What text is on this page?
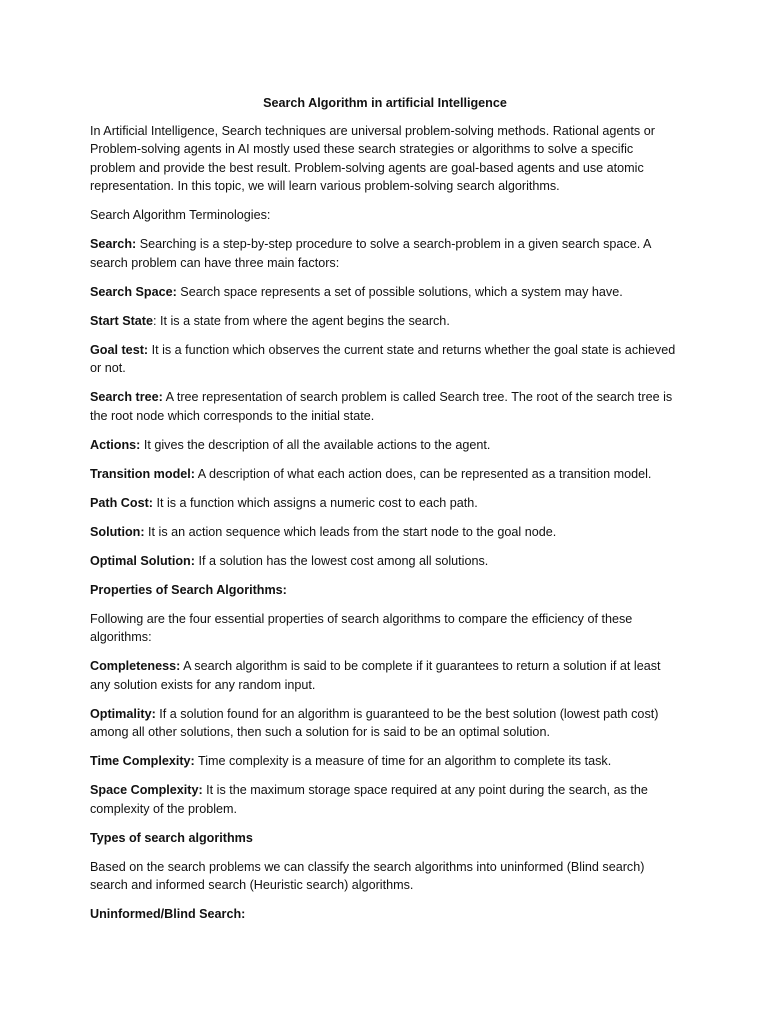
Search Algorithm in artificial Intelligence

In Artificial Intelligence, Search techniques are universal problem-solving methods. Rational agents or Problem-solving agents in AI mostly used these search strategies or algorithms to solve a specific problem and provide the best result. Problem-solving agents are goal-based agents and use atomic representation. In this topic, we will learn various problem-solving search algorithms.

Search Algorithm Terminologies:

Search: Searching is a step-by-step procedure to solve a search-problem in a given search space. A search problem can have three main factors:

Search Space: Search space represents a set of possible solutions, which a system may have.

Start State: It is a state from where the agent begins the search.

Goal test: It is a function which observes the current state and returns whether the goal state is achieved or not.

Search tree: A tree representation of search problem is called Search tree. The root of the search tree is the root node which corresponds to the initial state.

Actions: It gives the description of all the available actions to the agent.

Transition model: A description of what each action does, can be represented as a transition model.

Path Cost: It is a function which assigns a numeric cost to each path.

Solution: It is an action sequence which leads from the start node to the goal node.

Optimal Solution: If a solution has the lowest cost among all solutions.

Properties of Search Algorithms:

Following are the four essential properties of search algorithms to compare the efficiency of these algorithms:

Completeness: A search algorithm is said to be complete if it guarantees to return a solution if at least any solution exists for any random input.

Optimality: If a solution found for an algorithm is guaranteed to be the best solution (lowest path cost) among all other solutions, then such a solution for is said to be an optimal solution.

Time Complexity: Time complexity is a measure of time for an algorithm to complete its task.

Space Complexity: It is the maximum storage space required at any point during the search, as the complexity of the problem.

Types of search algorithms

Based on the search problems we can classify the search algorithms into uninformed (Blind search) search and informed search (Heuristic search) algorithms.

Uninformed/Blind Search:
